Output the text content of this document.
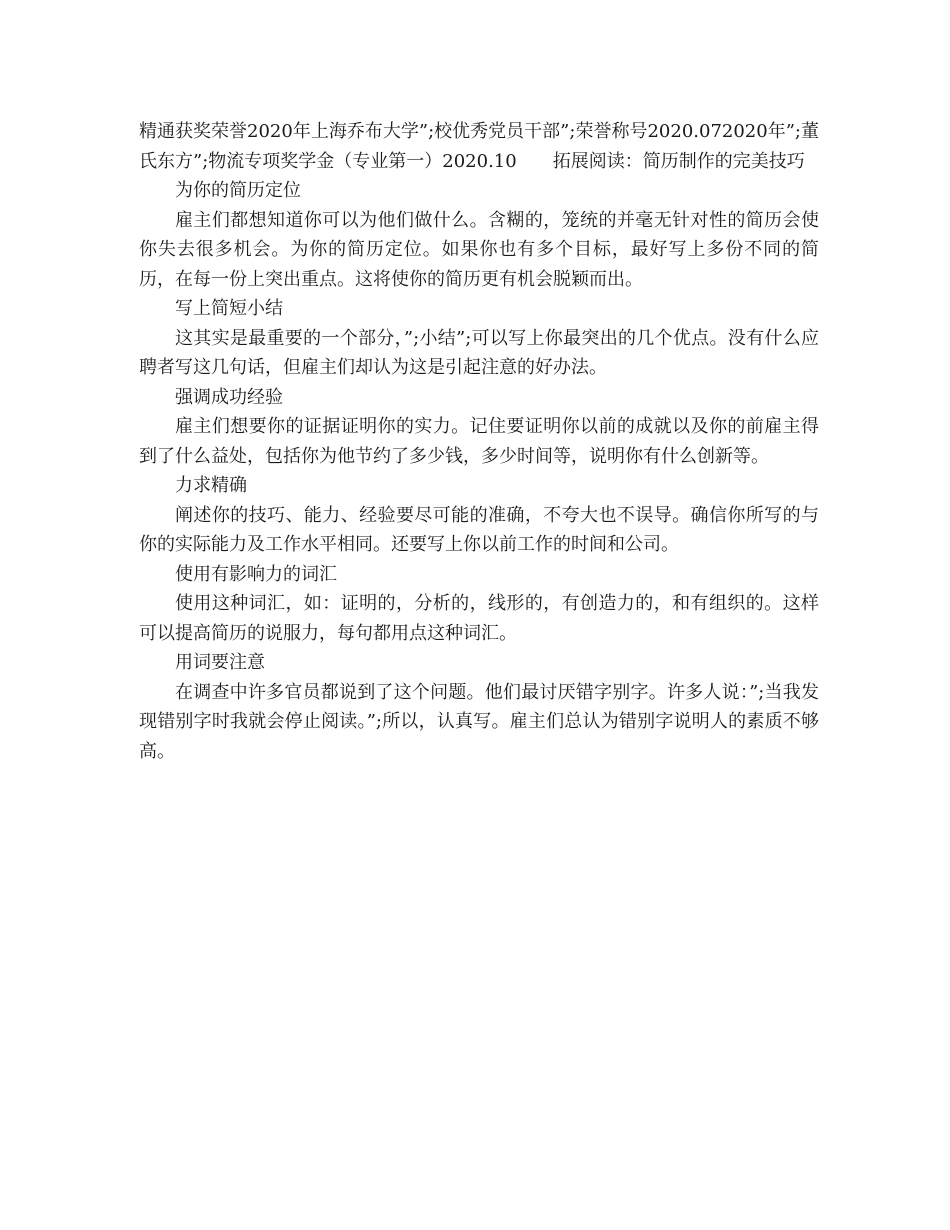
精通获奖荣誉2020年上海乔布大学”;校优秀党员干部”;荣誉称号2020.072020年”;董氏东方”;物流专项奖学金（专业第一）2020.10　　拓展阅读：简历制作的完美技巧

为你的简历定位

雇主们都想知道你可以为他们做什么。含糊的，笼统的并毫无针对性的简历会使你失去很多机会。为你的简历定位。如果你也有多个目标，最好写上多份不同的简历，在每一份上突出重点。这将使你的简历更有机会脱颖而出。

写上简短小结

这其实是最重要的一个部分，”;小结”;可以写上你最突出的几个优点。没有什么应聘者写这几句话，但雇主们却认为这是引起注意的好办法。

强调成功经验

雇主们想要你的证据证明你的实力。记住要证明你以前的成就以及你的前雇主得到了什么益处，包括你为他节约了多少钱，多少时间等，说明你有什么创新等。

力求精确

阐述你的技巧、能力、经验要尽可能的准确，不夸大也不误导。确信你所写的与你的实际能力及工作水平相同。还要写上你以前工作的时间和公司。

使用有影响力的词汇

使用这种词汇，如：证明的，分析的，线形的，有创造力的，和有组织的。这样可以提高简历的说服力，每句都用点这种词汇。

用词要注意

在调查中许多官员都说到了这个问题。他们最讨厌错字别字。许多人说：”;当我发现错别字时我就会停止阅读。”;所以，认真写。雇主们总认为错别字说明人的素质不够高。
